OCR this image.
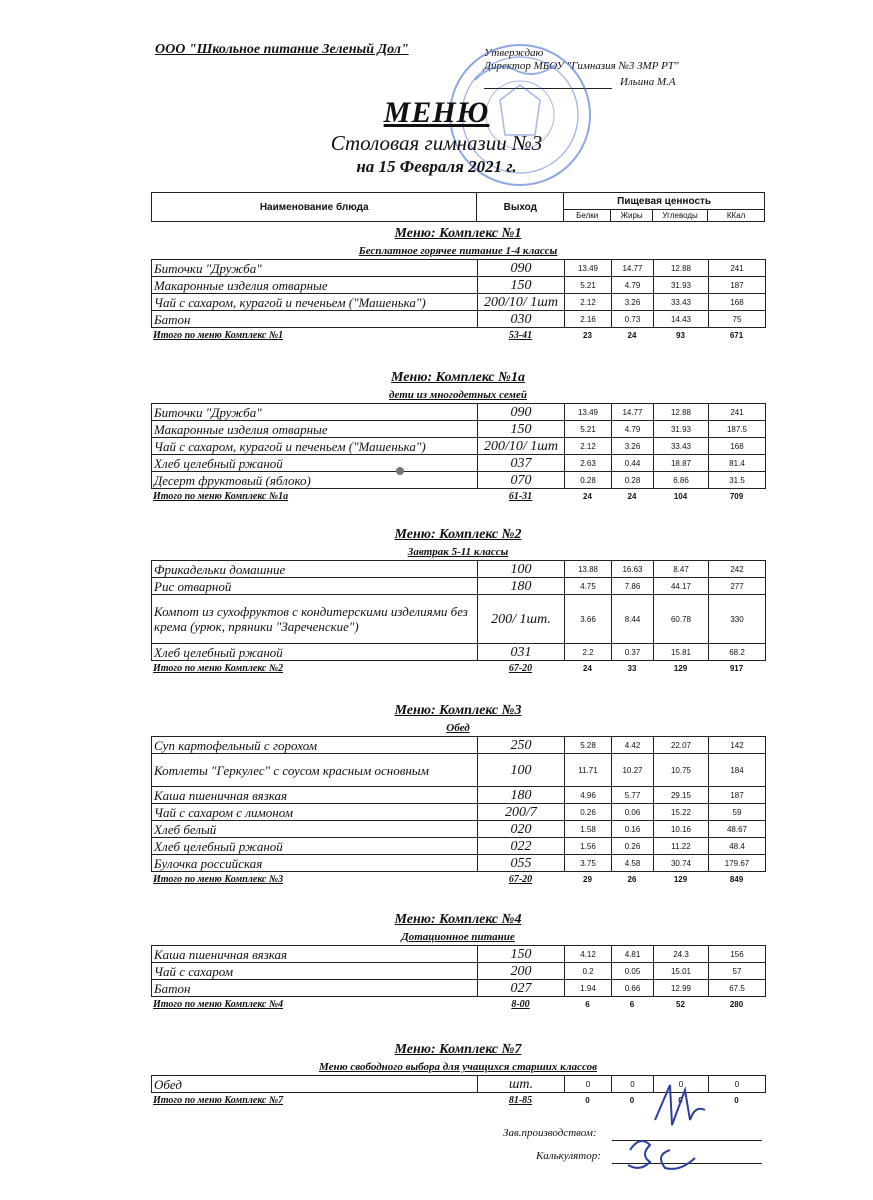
ООО "Школьное питание Зеленый Дол"	Утверждаю
Директор МБОУ "Гимназия №3 ЗМР РТ"
Ильина М.А
МЕНЮ
Столовая гимназии №3
на 15 Февраля 2021 г.
Наименование блюда	Выход	Пищевая ценность			
		Белки	Жиры	Углеводы	ККал
Меню: Комплекс №1
Бесплатное горячее питание 1-4 классы
Биточки "Дружба"	090	13.49	14.77	12.88	241
Макаронные изделия отварные	150	5.21	4.79	31.93	187
Чай с сахаром, курагой и печеньем ("Машенька")	200/10/ 1шт	2.12	3.26	33.43	168
Батон	030	2.16	0.73	14.43	75
Итого по меню Комплекс №1	53-41	23	24	93	671
Меню: Комплекс №1а
дети из многодетных семей
Биточки "Дружба"	090	13.49	14.77	12.88	241
Макаронные изделия отварные	150	5.21	4.79	31.93	187.5
Чай с сахаром, курагой и печеньем ("Машенька")	200/10/ 1шт	2.12	3.26	33.43	168
Хлеб целебный ржаной	037	2.63	0.44	18.87	81.4
Десерт фруктовый (яблоко)	070	0.28	0.28	6.86	31.5
Итого по меню Комплекс №1а	61-31	24	24	104	709
Меню: Комплекс №2
Завтрак 5-11 классы
Фрикадельки домашние	100	13.88	16.63	8.47	242
Рис отварной	180	4.75	7.86	44.17	277
Компот из сухофруктов с кондитерскими изделиями без крема (урюк, пряники "Зареченские")	200/ 1шт.	3.66	8.44	60.78	330
Хлеб целебный ржаной	031	2.2	0.37	15.81	68.2
Итого по меню Комплекс №2	67-20	24	33	129	917
Меню: Комплекс №3
Обед
Суп картофельный с горохом	250	5.28	4.42	22.07	142
Котлеты "Геркулес" с соусом красным основным	100	11.71	10.27	10.75	184
Каша пшеничная вязкая	180	4.96	5.77	29.15	187
Чай с сахаром с лимоном	200/7	0.26	0.06	15.22	59
Хлеб белый	020	1.58	0.16	10.16	48.67
Хлеб целебный ржаной	022	1.56	0.26	11.22	48.4
Булочка российская	055	3.75	4.58	30.74	179.67
Итого по меню Комплекс №3	67-20	29	26	129	849
Меню: Комплекс №4
Дотационное питание
Каша пшеничная вязкая	150	4.12	4.81	24.3	156
Чай с сахаром	200	0.2	0.05	15.01	57
Батон	027	1.94	0.66	12.99	67.5
Итого по меню Комплекс №4	8-00	6	6	52	280
Меню: Комплекс №7
Меню свободного выбора для учащихся старших классов
Обед	шт.	0	0	0	0
Итого по меню Комплекс №7	81-85	0	0	0	0
Зав.производством:
Калькулятор:
